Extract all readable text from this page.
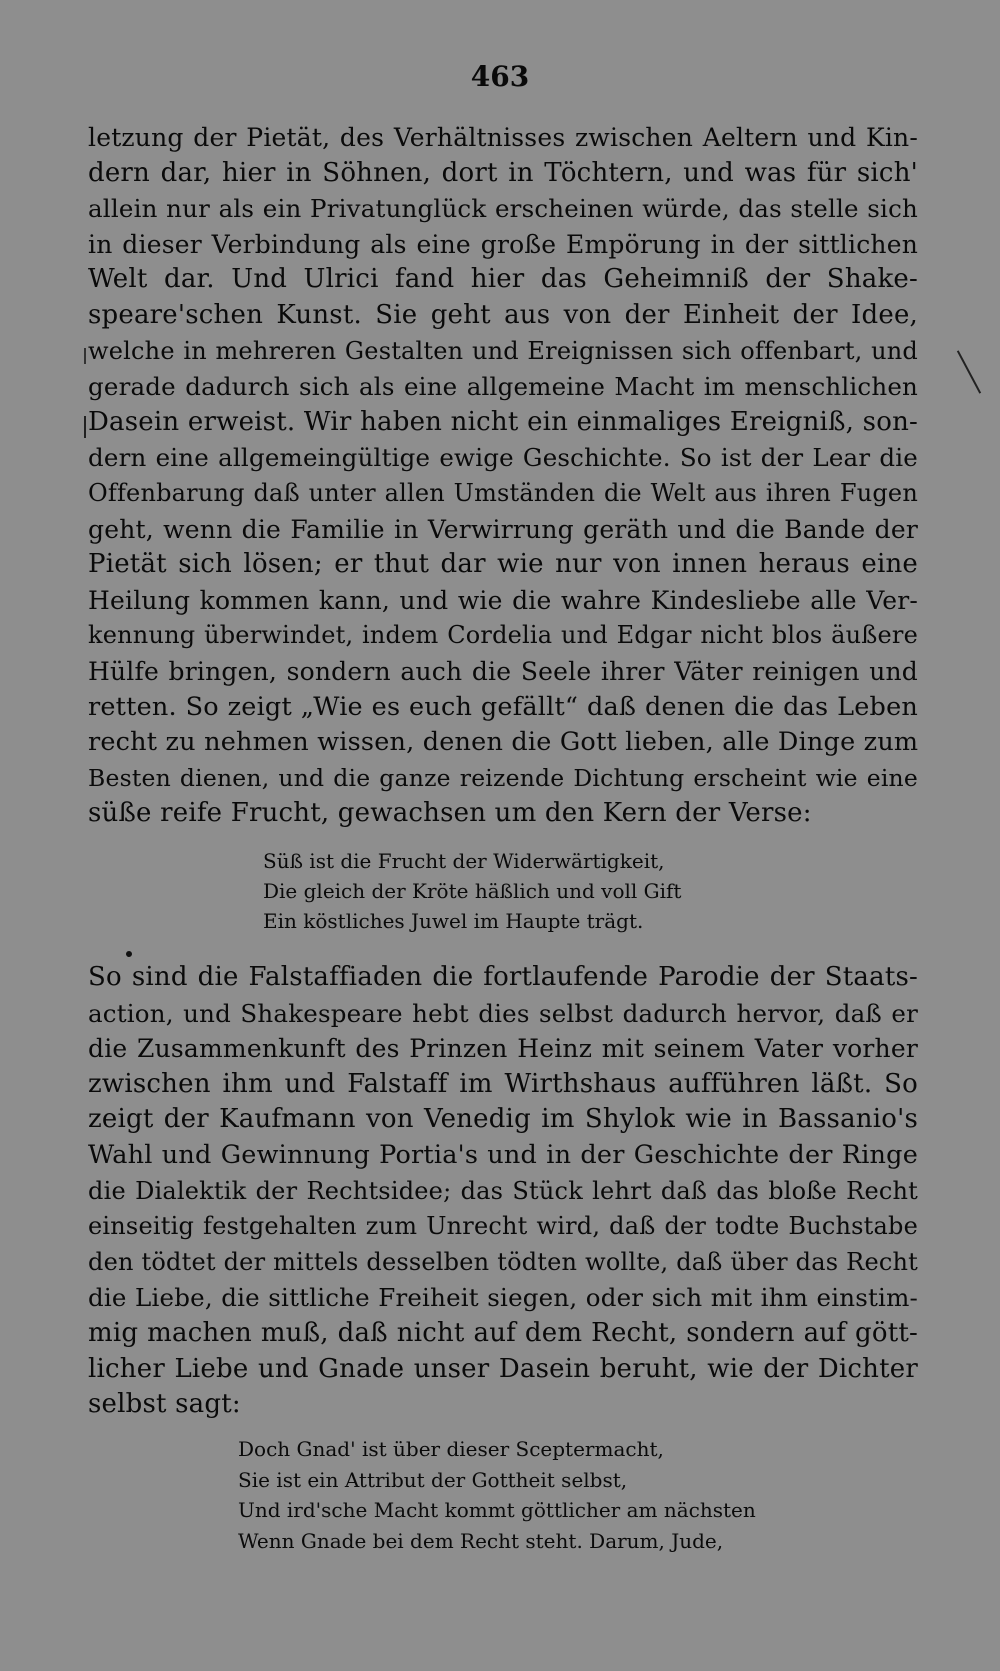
463
letzung der Pietät, des Verhältnisses zwischen Aeltern und Kin-
dern dar, hier in Söhnen, dort in Töchtern, und was für sich'
allein nur als ein Privatunglück erscheinen würde, das stelle sich
in dieser Verbindung als eine große Empörung in der sittlichen
Welt dar. Und Ulrici fand hier das Geheimniß der Shake-
speare'schen Kunst. Sie geht aus von der Einheit der Idee,
welche in mehreren Gestalten und Ereignissen sich offenbart, und
gerade dadurch sich als eine allgemeine Macht im menschlichen
Dasein erweist. Wir haben nicht ein einmaliges Ereigniß, son-
dern eine allgemeingültige ewige Geschichte. So ist der Lear die
Offenbarung daß unter allen Umständen die Welt aus ihren Fugen
geht, wenn die Familie in Verwirrung geräth und die Bande der
Pietät sich lösen; er thut dar wie nur von innen heraus eine
Heilung kommen kann, und wie die wahre Kindesliebe alle Ver-
kennung überwindet, indem Cordelia und Edgar nicht blos äußere
Hülfe bringen, sondern auch die Seele ihrer Väter reinigen und
retten. So zeigt „Wie es euch gefällt“ daß denen die das Leben
recht zu nehmen wissen, denen die Gott lieben, alle Dinge zum
Besten dienen, und die ganze reizende Dichtung erscheint wie eine
süße reife Frucht, gewachsen um den Kern der Verse:
Süß ist die Frucht der Widerwärtigkeit,
Die gleich der Kröte häßlich und voll Gift
Ein köstliches Juwel im Haupte trägt.
So sind die Falstaffiaden die fortlaufende Parodie der Staats-
action, und Shakespeare hebt dies selbst dadurch hervor, daß er
die Zusammenkunft des Prinzen Heinz mit seinem Vater vorher
zwischen ihm und Falstaff im Wirthshaus aufführen läßt. So
zeigt der Kaufmann von Venedig im Shylok wie in Bassanio's
Wahl und Gewinnung Portia's und in der Geschichte der Ringe
die Dialektik der Rechtsidee; das Stück lehrt daß das bloße Recht
einseitig festgehalten zum Unrecht wird, daß der todte Buchstabe
den tödtet der mittels desselben tödten wollte, daß über das Recht
die Liebe, die sittliche Freiheit siegen, oder sich mit ihm einstim-
mig machen muß, daß nicht auf dem Recht, sondern auf gött-
licher Liebe und Gnade unser Dasein beruht, wie der Dichter
selbst sagt:
Doch Gnad' ist über dieser Sceptermacht,
Sie ist ein Attribut der Gottheit selbst,
Und ird'sche Macht kommt göttlicher am nächsten
Wenn Gnade bei dem Recht steht. Darum, Jude,
